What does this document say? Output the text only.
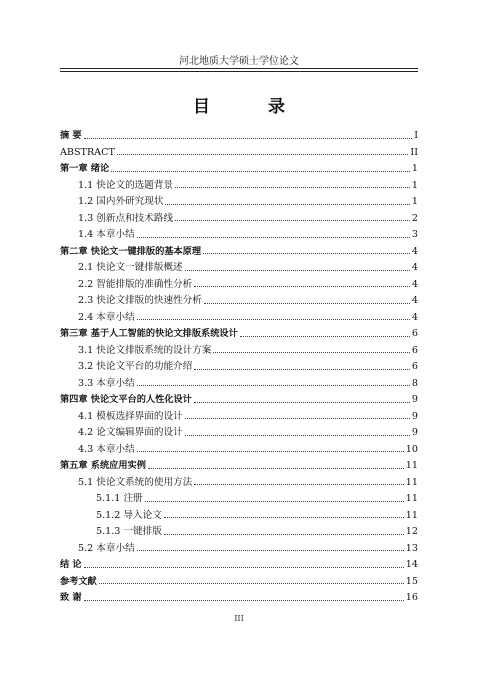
河北地质大学硕士学位论文
目 录
摘 要	I
ABSTRACT	II
第一章 绪论	1
1.1 快论文的选题背景	1
1.2 国内外研究现状	1
1.3 创新点和技术路线	2
1.4 本章小结	3
第二章 快论文一键排版的基本原理	4
2.1 快论文一键排版概述	4
2.2 智能排版的准确性分析	4
2.3 快论文排版的快速性分析	4
2.4 本章小结	4
第三章 基于人工智能的快论文排版系统设计	6
3.1 快论文排版系统的设计方案	6
3.2 快论文平台的功能介绍	6
3.3 本章小结	8
第四章 快论文平台的人性化设计	9
4.1 模板选择界面的设计	9
4.2 论文编辑界面的设计	9
4.3 本章小结	10
第五章 系统应用实例	11
5.1 快论文系统的使用方法	11
5.1.1 注册	11
5.1.2 导入论文	11
5.1.3 一键排版	12
5.2 本章小结	13
结 论	14
参考文献	15
致 谢	16
III
